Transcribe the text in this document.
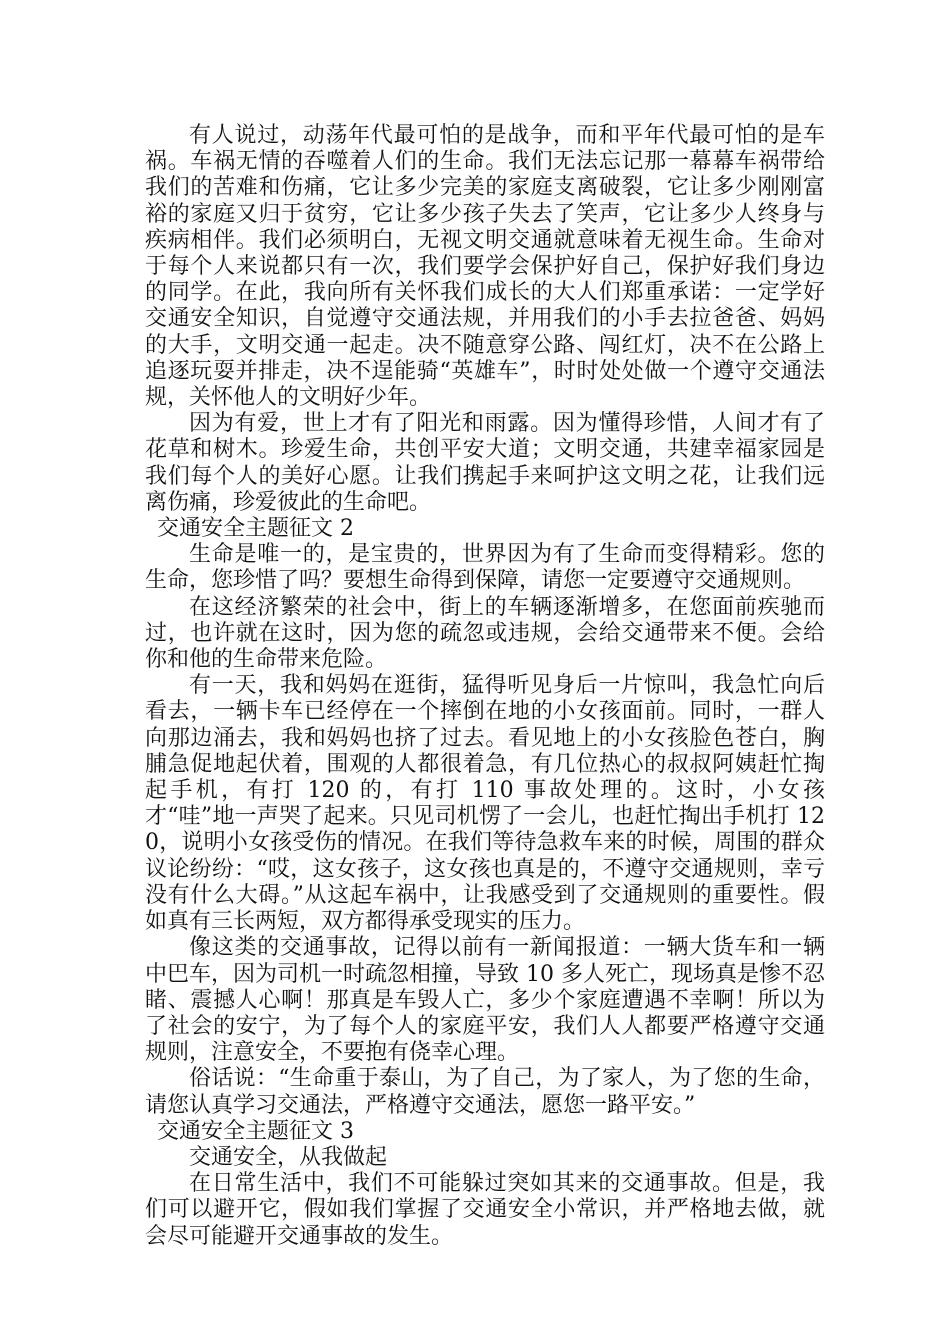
有人说过，动荡年代最可怕的是战争，而和平年代最可怕的是车祸。车祸无情的吞噬着人们的生命。我们无法忘记那一幕幕车祸带给我们的苦难和伤痛，它让多少完美的家庭支离破裂，它让多少刚刚富裕的家庭又归于贫穷，它让多少孩子失去了笑声，它让多少人终身与疾病相伴。我们必须明白，无视文明交通就意味着无视生命。生命对于每个人来说都只有一次，我们要学会保护好自己，保护好我们身边的同学。在此，我向所有关怀我们成长的大人们郑重承诺：一定学好交通安全知识，自觉遵守交通法规，并用我们的小手去拉爸爸、妈妈的大手，文明交通一起走。决不随意穿公路、闯红灯，决不在公路上追逐玩耍并排走，决不逞能骑“英雄车”，时时处处做一个遵守交通法规，关怀他人的文明好少年。

因为有爱，世上才有了阳光和雨露。因为懂得珍惜，人间才有了花草和树木。珍爱生命，共创平安大道；文明交通，共建幸福家园是我们每个人的美好心愿。让我们携起手来呵护这文明之花，让我们远离伤痛，珍爱彼此的生命吧。

交通安全主题征文 2

生命是唯一的，是宝贵的，世界因为有了生命而变得精彩。您的生命，您珍惜了吗？要想生命得到保障，请您一定要遵守交通规则。

在这经济繁荣的社会中，街上的车辆逐渐增多，在您面前疾驰而过，也许就在这时，因为您的疏忽或违规，会给交通带来不便。会给你和他的生命带来危险。

有一天，我和妈妈在逛街，猛得听见身后一片惊叫，我急忙向后看去，一辆卡车已经停在一个摔倒在地的小女孩面前。同时，一群人向那边涌去，我和妈妈也挤了过去。看见地上的小女孩脸色苍白，胸脯急促地起伏着，围观的人都很着急，有几位热心的叔叔阿姨赶忙掏起手机，有打 120 的，有打 110 事故处理的。这时，小女孩才“哇”地一声哭了起来。只见司机愣了一会儿，也赶忙掏出手机打 120，说明小女孩受伤的情况。在我们等待急救车来的时候，周围的群众议论纷纷：“哎，这女孩子，这女孩也真是的，不遵守交通规则，幸亏没有什么大碍。”从这起车祸中，让我感受到了交通规则的重要性。假如真有三长两短，双方都得承受现实的压力。

像这类的交通事故，记得以前有一新闻报道：一辆大货车和一辆中巴车，因为司机一时疏忽相撞，导致 10 多人死亡，现场真是惨不忍睹、震撼人心啊！那真是车毁人亡，多少个家庭遭遇不幸啊！所以为了社会的安宁，为了每个人的家庭平安，我们人人都要严格遵守交通规则，注意安全，不要抱有侥幸心理。

俗话说：“生命重于泰山，为了自己，为了家人，为了您的生命，请您认真学习交通法，严格遵守交通法，愿您一路平安。”

交通安全主题征文 3

交通安全，从我做起

在日常生活中，我们不可能躲过突如其来的交通事故。但是，我们可以避开它，假如我们掌握了交通安全小常识，并严格地去做，就会尽可能避开交通事故的发生。
